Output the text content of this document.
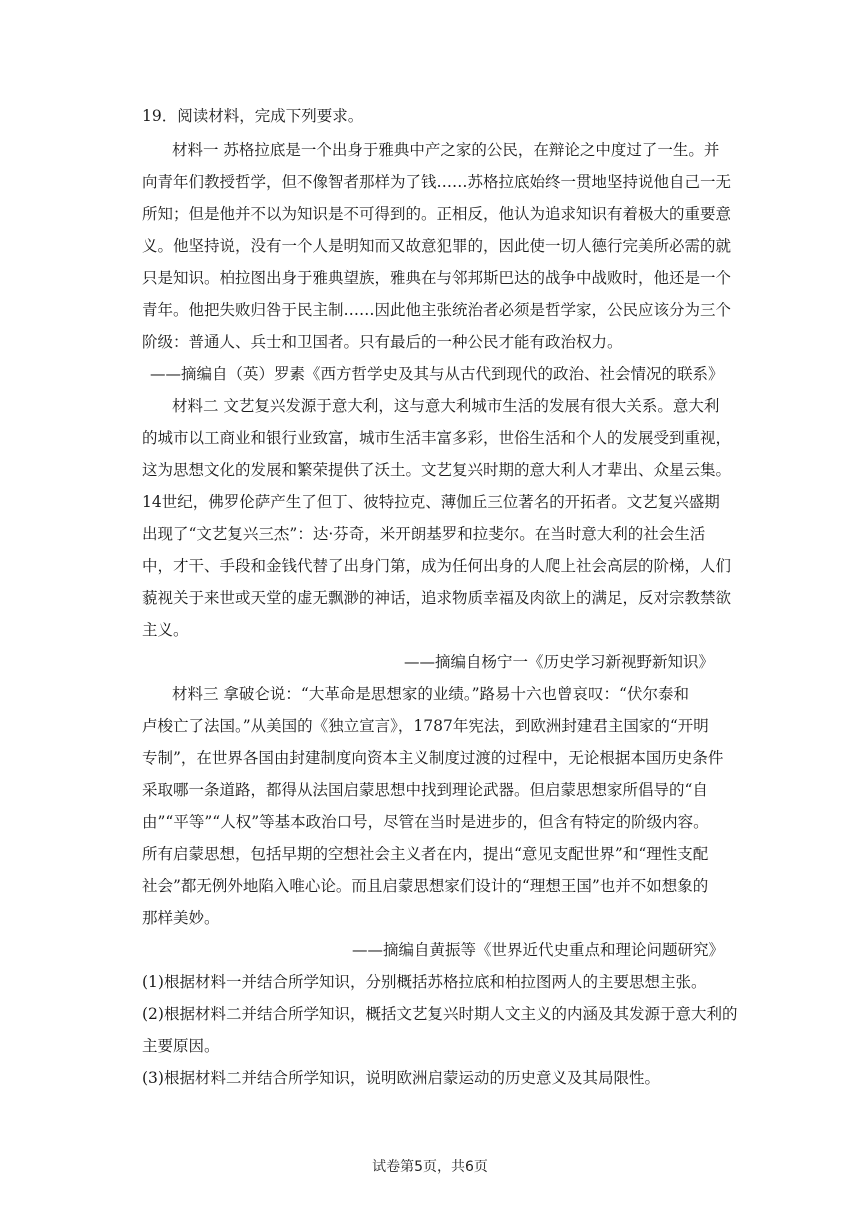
19．阅读材料，完成下列要求。
材料一 苏格拉底是一个出身于雅典中产之家的公民，在辩论之中度过了一生。并
向青年们教授哲学，但不像智者那样为了钱……苏格拉底始终一贯地坚持说他自己一无
所知；但是他并不以为知识是不可得到的。正相反，他认为追求知识有着极大的重要意
义。他坚持说，没有一个人是明知而又故意犯罪的，因此使一切人德行完美所必需的就
只是知识。柏拉图出身于雅典望族，雅典在与邻邦斯巴达的战争中战败时，他还是一个
青年。他把失败归咎于民主制……因此他主张统治者必须是哲学家，公民应该分为三个
阶级：普通人、兵士和卫国者。只有最后的一种公民才能有政治权力。
——摘编自（英）罗素《西方哲学史及其与从古代到现代的政治、社会情况的联系》
材料二 文艺复兴发源于意大利，这与意大利城市生活的发展有很大关系。意大利
的城市以工商业和银行业致富，城市生活丰富多彩，世俗生活和个人的发展受到重视，
这为思想文化的发展和繁荣提供了沃土。文艺复兴时期的意大利人才辈出、众星云集。
14世纪，佛罗伦萨产生了但丁、彼特拉克、薄伽丘三位著名的开拓者。文艺复兴盛期
出现了“文艺复兴三杰”：达·芬奇，米开朗基罗和拉斐尔。在当时意大利的社会生活
中，才干、手段和金钱代替了出身门第，成为任何出身的人爬上社会高层的阶梯，人们
藐视关于来世或天堂的虚无飘渺的神话，追求物质幸福及肉欲上的满足，反对宗教禁欲
主义。
——摘编自杨宁一《历史学习新视野新知识》
材料三 拿破仑说：“大革命是思想家的业绩。”路易十六也曾哀叹：“伏尔泰和
卢梭亡了法国。”从美国的《独立宣言》，1787年宪法，到欧洲封建君主国家的“开明
专制”，在世界各国由封建制度向资本主义制度过渡的过程中，无论根据本国历史条件
采取哪一条道路，都得从法国启蒙思想中找到理论武器。但启蒙思想家所倡导的“自
由”“平等”“人权”等基本政治口号，尽管在当时是进步的，但含有特定的阶级内容。
所有启蒙思想，包括早期的空想社会主义者在内，提出“意见支配世界”和“理性支配
社会”都无例外地陷入唯心论。而且启蒙思想家们设计的“理想王国”也并不如想象的
那样美妙。
——摘编自黄振等《世界近代史重点和理论问题研究》
(1)根据材料一并结合所学知识，分别概括苏格拉底和柏拉图两人的主要思想主张。
(2)根据材料二并结合所学知识，概括文艺复兴时期人文主义的内涵及其发源于意大利的
主要原因。
(3)根据材料二并结合所学知识，说明欧洲启蒙运动的历史意义及其局限性。
试卷第5页，共6页
